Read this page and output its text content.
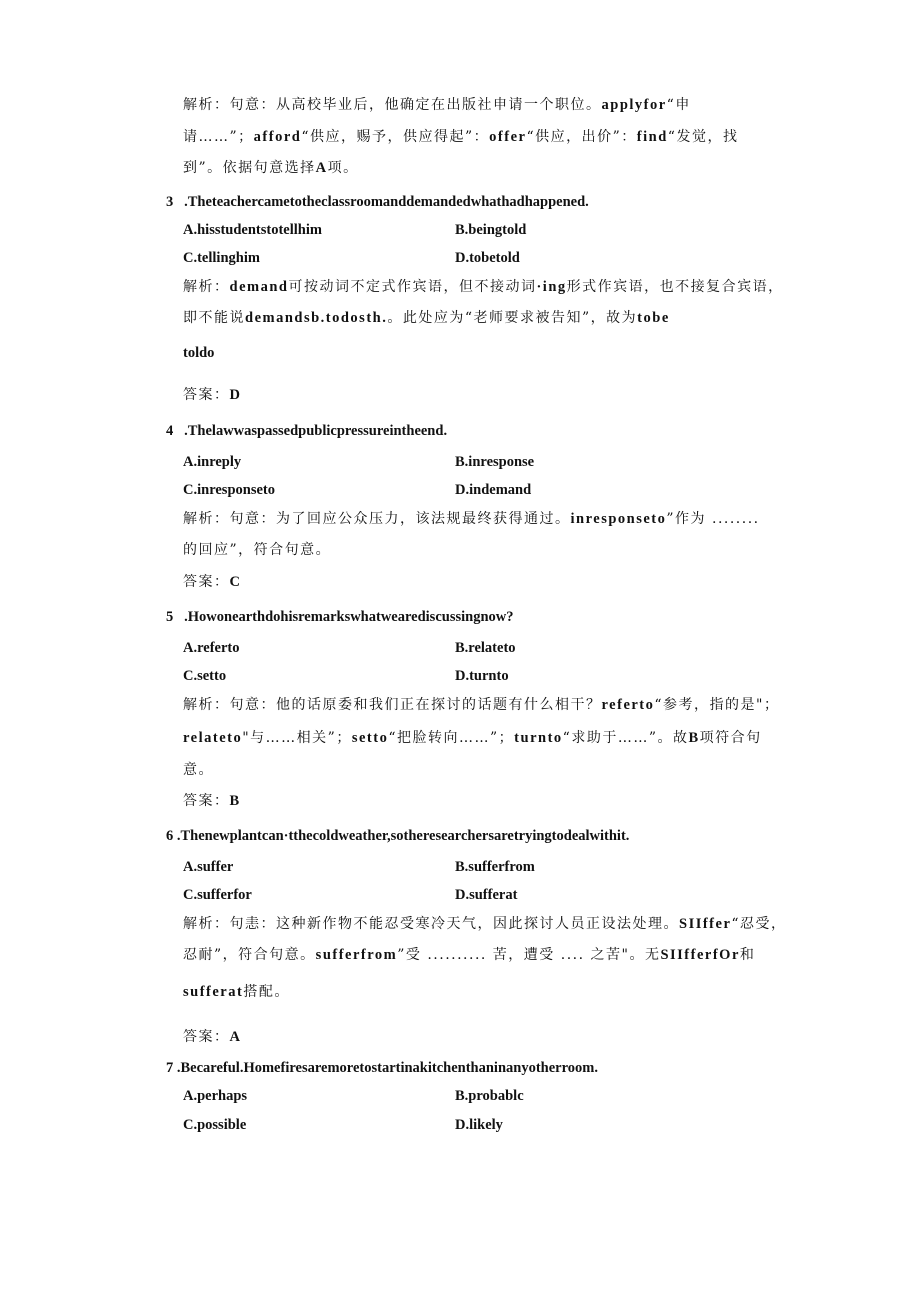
解析：句意：从高校毕业后，他确定在出版社申请一个职位。applyfor“申
请……”；afford“供应，赐予，供应得起”：offer“供应，出价”：find“发觉，找
到”。依据句意选择A项。
3 .Theteachercametotheclassroomanddemandedwhathadhappened.
A.hisstudentstotellhim	B.beingtold
C.tellinghim	D.tobetold
解析：demand可按动词不定式作宾语，但不接动词·ing形式作宾语，也不接复合宾语，
即不能说demandsb.todosth.。此处应为“老师要求被告知”，故为tobe
toldo
答案：D
4 .Thelawwaspassedpublicpressureintheend.
A.inreply	B.inresponse
C.inresponseto	D.indemand
解析：句意：为了回应公众压力，该法规最终获得通过。inresponseto”作为 ........
的回应”，符合句意。
答案：C
5 .Howonearthdohisremarkswhatwearediscussingnow?
A.referto	B.relateto
C.setto	D.turnto
解析：句意：他的话原委和我们正在探讨的话题有什么相干？referto“参考，指的是"；
relateto"与……相关”；setto“把脸转向……”；turnto“求助于……”。故B项符合句
意。
答案：B
6 .Thenewplantcan·tthecoldweather,sotheresearchersaretryingtodealwithit.
A.suffer	B.sufferfrom
C.sufferfor	D.sufferat
解析：句恚：这种新作物不能忍受寒冷天气，因此探讨人员正设法处理。SIIffer“忍受，
忍耐”，符合句意。sufferfrom”受 .......... 苦，遭受 .... 之苦"。无SIIfferfOr和
sufferat搭配。
答案：A
7 .Becareful.Homefiresaremoretostartinakitchenthaninanyotherroom.
A.perhaps	B.probablc
C.possible	D.likely
